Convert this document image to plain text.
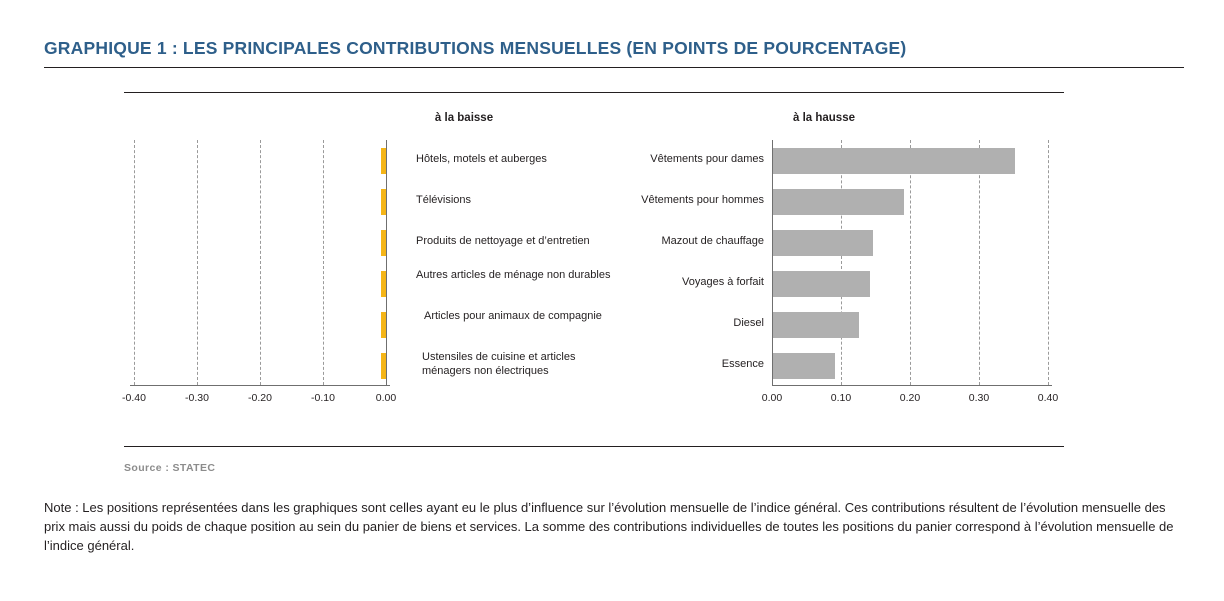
GRAPHIQUE 1 : LES PRINCIPALES CONTRIBUTIONS MENSUELLES (EN POINTS DE POURCENTAGE)
à la baisse	à la hausse
-0.40	-0.30	-0.20	-0.10	0.00
Hôtels, motels et auberges
Télévisions
Produits de nettoyage et d’entretien
Autres articles de ménage non durables
Articles pour animaux de compagnie
Ustensiles de cuisine et articles ménagers non électriques
0.00	0.10	0.20	0.30	0.40
Vêtements pour dames
Vêtements pour hommes
Mazout de chauffage
Voyages à forfait
Diesel
Essence
Source : STATEC
Note : Les positions représentées dans les graphiques sont celles ayant eu le plus d’influence sur l’évolution mensuelle de l’indice général. Ces contributions résultent de l’évolution mensuelle des prix mais aussi du poids de chaque position au sein du panier de biens et services. La somme des contributions individuelles de toutes les positions du panier correspond à l’évolution mensuelle de l’indice général.
